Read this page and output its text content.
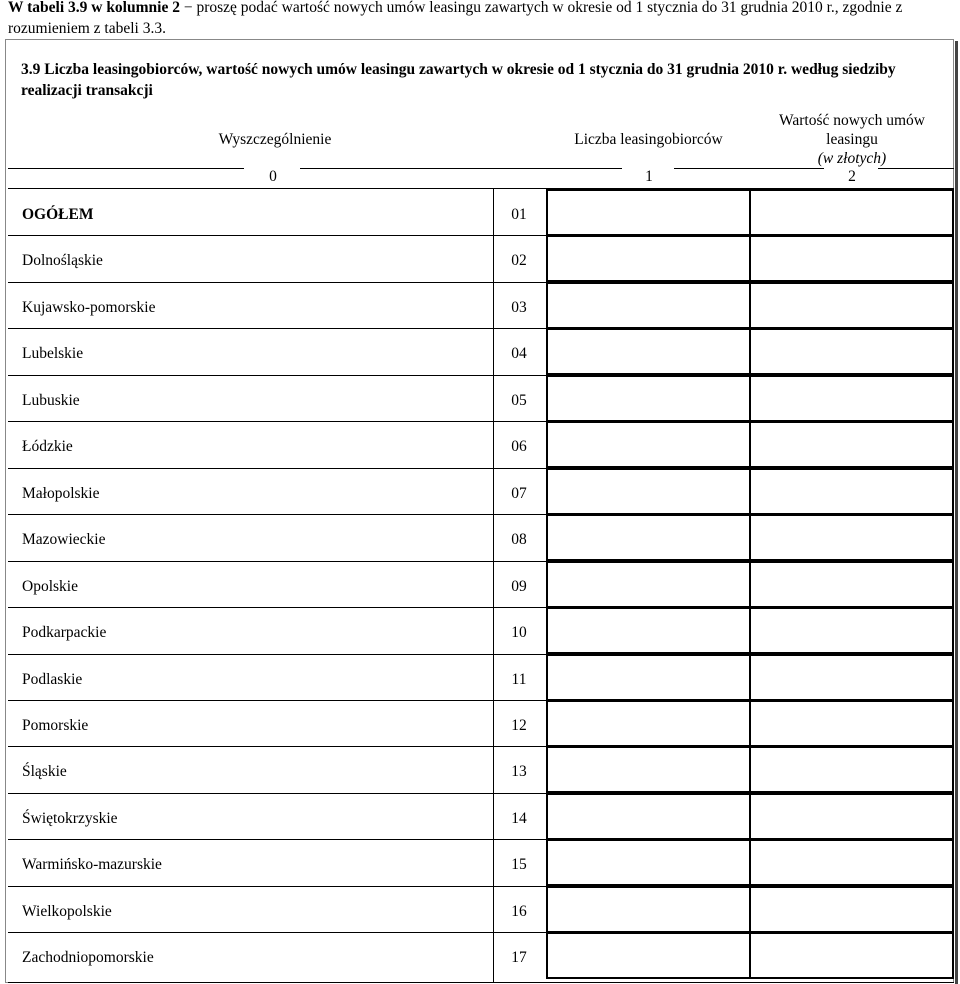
W tabeli 3.9 w kolumnie 2 − proszę podać wartość nowych umów leasingu zawartych w okresie od 1 stycznia do 31 grudnia 2010 r., zgodnie z rozumieniem z tabeli 3.3.
3.9 Liczba leasingobiorców, wartość nowych umów leasingu zawartych w okresie od 1 stycznia do 31 grudnia 2010 r. według siedziby realizacji transakcji
Wyszczególnienie	Liczba leasingobiorców
Wartość nowych umów leasingu
(w złotych)
0	1	2
OGÓŁEM	01
Dolnośląskie	02
Kujawsko-pomorskie	03
Lubelskie	04
Lubuskie	05
Łódzkie	06
Małopolskie	07
Mazowieckie	08
Opolskie	09
Podkarpackie	10
Podlaskie	11
Pomorskie	12
Śląskie	13
Świętokrzyskie	14
Warmińsko-mazurskie	15
Wielkopolskie	16
Zachodniopomorskie	17
